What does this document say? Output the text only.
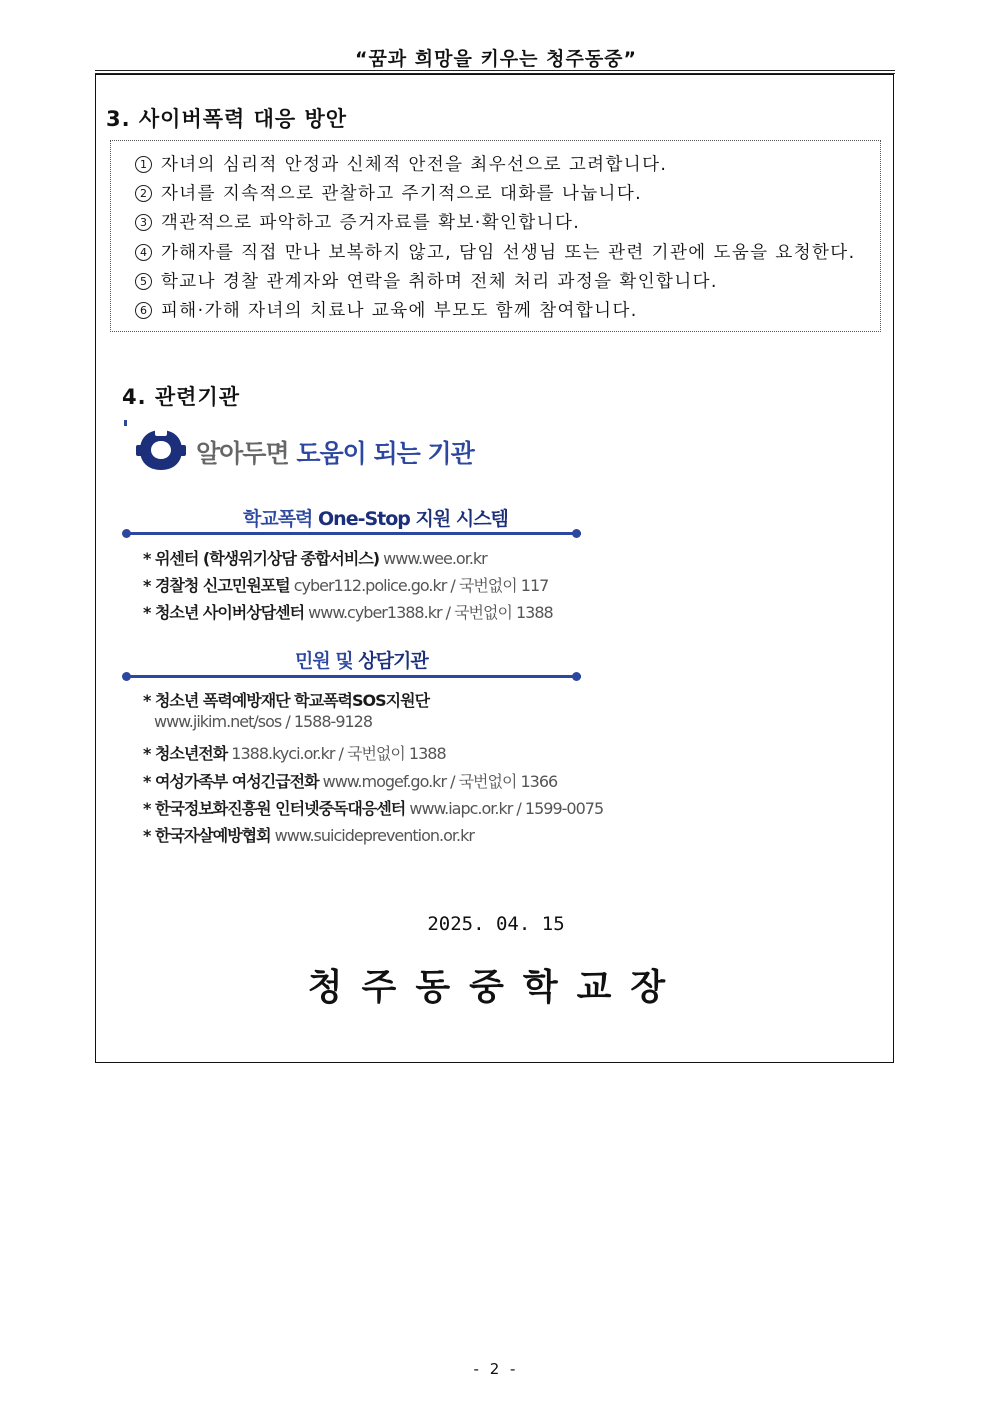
“꿈과 희망을 키우는 청주동중”
3. 사이버폭력 대응 방안
1 자녀의 심리적 안정과 신체적 안전을 최우선으로 고려합니다.
2 자녀를 지속적으로 관찰하고 주기적으로 대화를 나눕니다.
3 객관적으로 파악하고 증거자료를 확보·확인합니다.
4 가해자를 직접 만나 보복하지 않고, 담임 선생님 또는 관련 기관에 도움을 요청한다.
5 학교나 경찰 관계자와 연락을 취하며 전체 처리 과정을 확인합니다.
6 피해·가해 자녀의 치료나 교육에 부모도 함께 참여합니다.
4. 관련기관
알아두면 도움이 되는 기관
학교폭력 One-Stop 지원 시스템
* 위센터 (학생위기상담 종합서비스) www.wee.or.kr
* 경찰청 신고민원포털 cyber112.police.go.kr / 국번없이 117
* 청소년 사이버상담센터 www.cyber1388.kr / 국번없이 1388
민원 및 상담기관
* 청소년 폭력예방재단 학교폭력SOS지원단
www.jikim.net/sos / 1588-9128
* 청소년전화 1388.kyci.or.kr / 국번없이 1388
* 여성가족부 여성긴급전화 www.mogef.go.kr / 국번없이 1366
* 한국정보화진흥원 인터넷중독대응센터 www.iapc.or.kr / 1599-0075
* 한국자살예방협회 www.suicideprevention.or.kr
2025. 04. 15
청주동중학교장
- 2 -
